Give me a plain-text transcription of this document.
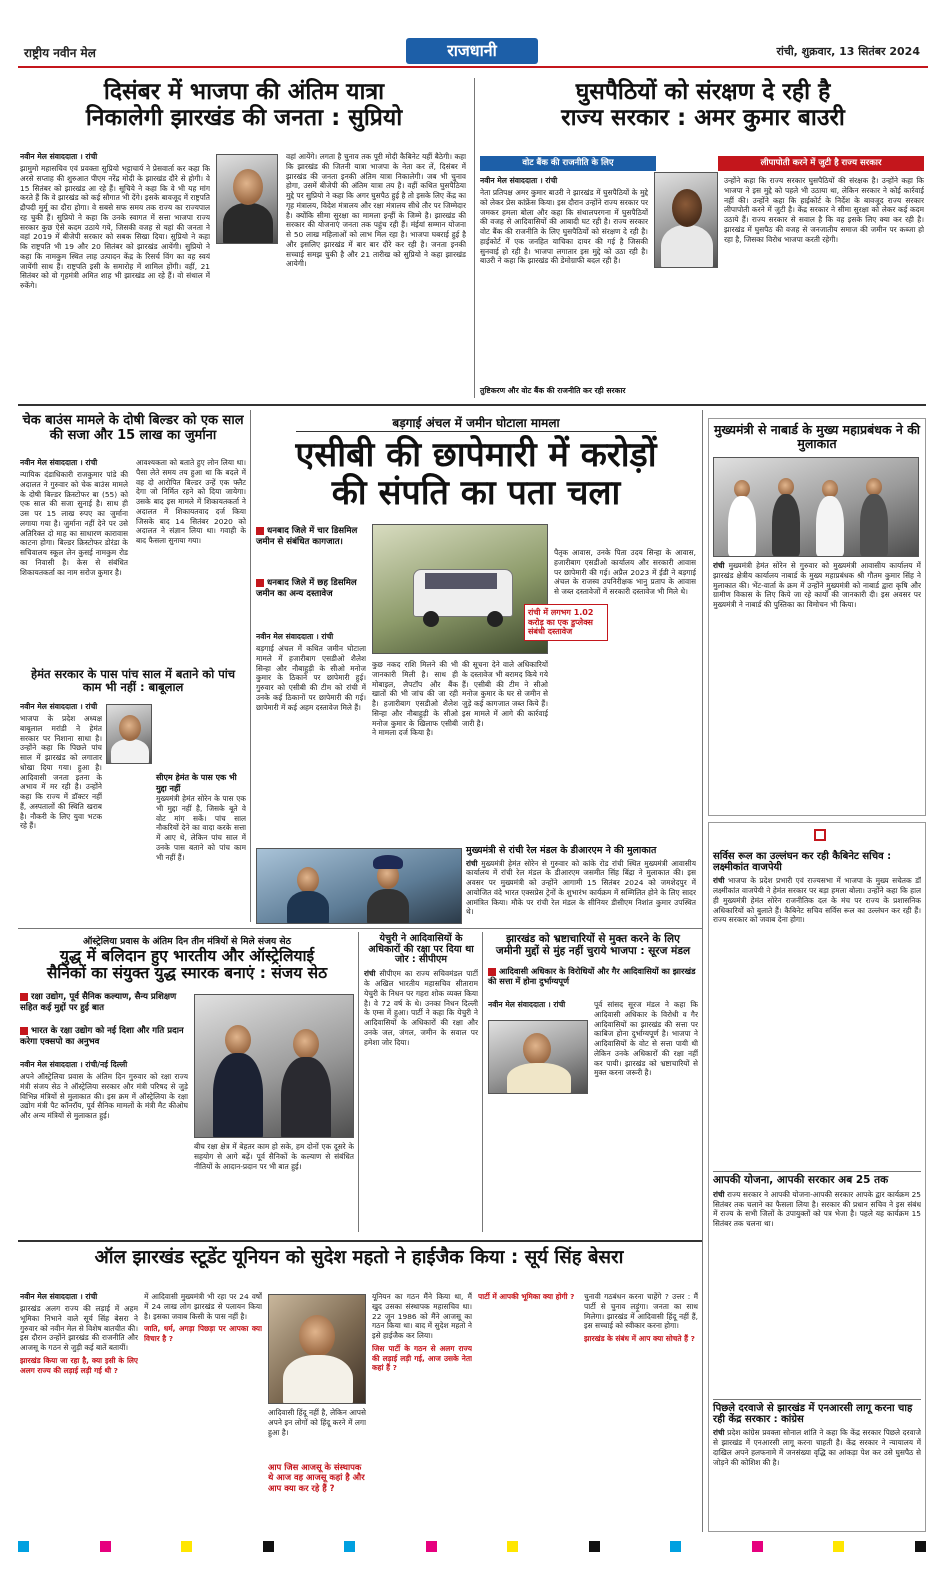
राष्ट्रीय नवीन मेल	राजधानी	रांची, शुक्रवार, 13 सितंबर 2024
दिसंबर में भाजपा की अंतिम यात्रा
निकालेगी झारखंड की जनता : सुप्रियो
नवीन मेल संवाददाता । रांची
झामुमो महासचिव एवं प्रवक्ता सुप्रियो भट्टाचार्य ने प्रेसवार्ता कर कहा कि अरसे सप्ताह की शुरुआत पीएम नरेंद्र मोदी के झारखंड दौरे से होगी। वे 15 सितंबर को झारखंड आ रहे हैं। सूचिये ने कहा कि वे भी यह मांग करते हैं कि वे झारखंड को कई सौगात भी देंगे। इसके बावजूद में राष्ट्रपति द्रौपदी मुर्मू का दौरा होगा। वे सबसे सफ समय तक राज्य का राज्यपाल रह चुकी हैं। सुप्रियो ने कहा कि उनके स्वागत में सत्ता भाजपा राज्य सरकार कुछ ऐसे कदम उठाये गये, जिसकी वजह से यहां की जनता ने वहां 2019 में बीजेपी सरकार को सबक सिखा दिया। सुप्रियो ने कहा कि राष्ट्रपति भी 19 और 20 सितंबर को झारखंड आयेंगी। सुप्रियो ने कहा कि नामकुम स्थित लाह उत्पादन केंद्र के रिसर्च विंग का वह स्वयं जायेंगी साथ हैं। राष्ट्रपति इसी के समारोह में शामिल होंगी। वहीं, 21 सितंबर को वो गृहमंत्री अमित शाह भी झारखंड आ रहे हैं। वो संथाल में रुकेंगे।
वहां आयेंगे। लगता है चुनाव तक पूरी मोदी कैबिनेट यहीं बैठेगी। कहा कि झारखंड की जितनी यात्रा भाजपा के नेता कर लें, दिसंबर में झारखंड की जनता इनकी अंतिम यात्रा निकालेगी। जब भी चुनाव होगा, उसमें बीजेपी की अंतिम यात्रा तय है। वहीं कथित घुसपैठिया मुद्दे पर सुप्रियो ने कहा कि अगर घुसपैठ हुई है तो इसके लिए केंद्र का गृह मंत्रालय, विदेश मंत्रालय और रक्षा मंत्रालय सीधे तौर पर जिम्मेदार है। क्योंकि सीमा सुरक्षा का मामला इन्हीं के जिम्मे है। झारखंड की सरकार की योजनाएं जनता तक पहुंच रही हैं। मंईयां सम्मान योजना से 50 लाख महिलाओं को लाभ मिल रहा है। भाजपा घबराई हुई है और इसलिए झारखंड में बार बार दौरे कर रही है। जनता इनकी सच्चाई समझ चुकी है और 21 तारीख को सुप्रियो ने कहा झारखंड आयेगी।
घुसपैठियों को संरक्षण दे रही है
राज्य सरकार : अमर कुमार बाउरी
वोट बैंक की राजनीति के लिए	लीपापोती करने में जुटी है राज्य सरकार
नवीन मेल संवाददाता । रांची
नेता प्रतिपक्ष अमर कुमार बाउरी ने झारखंड में घुसपैठियों के मुद्दे को लेकर प्रेस कांफ्रेंस किया। इस दौरान उन्होंने राज्य सरकार पर जमकर हमला बोला और कहा कि संथालपरगना में घुसपैठियों की वजह से आदिवासियों की आबादी घट रही है। राज्य सरकार वोट बैंक की राजनीति के लिए घुसपैठियों को संरक्षण दे रही है। हाईकोर्ट में एक जनहित याचिका दायर की गई है जिसकी सुनवाई हो रही है। भाजपा लगातार इस मुद्दे को उठा रही है। बाउरी ने कहा कि झारखंड की डेमोग्राफी बदल रही है।
उन्होंने कहा कि राज्य सरकार घुसपैठियों की संरक्षक है। उन्होंने कहा कि भाजपा ने इस मुद्दे को पहले भी उठाया था, लेकिन सरकार ने कोई कार्रवाई नहीं की। उन्होंने कहा कि हाईकोर्ट के निर्देश के बावजूद राज्य सरकार लीपापोती करने में जुटी है। केंद्र सरकार ने सीमा सुरक्षा को लेकर कई कदम उठाये हैं। राज्य सरकार से सवाल है कि वह इसके लिए क्या कर रही है। झारखंड में घुसपैठ की वजह से जनजातीय समाज की जमीन पर कब्जा हो रहा है, जिसका विरोध भाजपा करती रहेगी।
तुष्टिकरण और वोट बैंक की राजनीति कर रही सरकार
चेक बाउंस मामले के दोषी बिल्डर को एक साल की सजा और 15 लाख का जुर्माना
नवीन मेल संवाददाता । रांची
न्यायिक दंडाधिकारी राजकुमार पांडे की अदालत ने गुरुवार को चेक बाउंस मामले के दोषी बिल्डर क्रिस्टोफर बा (55) को एक साल की सजा सुनाई है। साथ ही उस पर 15 लाख रुपए का जुर्माना लगाया गया है। जुर्माना नहीं देने पर उसे अतिरिक्त दो माह का साधारण कारावास काटना होगा। बिल्डर क्रिस्टोफर डोरंडा के सचिवालय स्कूल लेन कुसई नामकुम रोड का निवासी है। केस से संबंधित शिकायतकर्ता का नाम सरोज कुमार है।
आवश्यकता को बताते हुए लोन लिया था। पैसा लेते समय तय हुआ था कि बदले में वह दो आरोपित बिल्डर उन्हें एक फ्लैट देगा जो निर्मित रहने को दिया जायेगा। उसके बाद इस मामले में शिकायतकर्ता ने अदालत में शिकायतवाद दर्ज किया जिसके बाद 14 सितंबर 2020 को अदालत ने संज्ञान लिया था। गवाही के बाद फैसला सुनाया गया।
हेमंत सरकार के पास पांच साल में बताने को पांच काम भी नहीं : बाबूलाल
नवीन मेल संवाददाता । रांची
भाजपा के प्रदेश अध्यक्ष बाबूलाल मरांडी ने हेमंत सरकार पर निशाना साधा है। उन्होंने कहा कि पिछले पांच साल में झारखंड को लगातार धोखा दिया गया। हुआ है। आदिवासी जनता इतना के अभाव में मर रही है। उन्होंने कहा कि राज्य में डॉक्टर नहीं हैं, अस्पतालों की स्थिति खराब है। नौकरी के लिए युवा भटक रहे हैं।
सीएम हेमंत के पास एक भी मुद्दा नहीं
मुख्यमंत्री हेमंत सोरेन के पास एक भी मुद्दा नहीं है, जिसके बूते वे वोट मांग सकें। पांच साल नौकरियों देने का वादा करके सत्ता में आए थे, लेकिन पांच साल में उनके पास बताने को पांच काम भी नहीं हैं।
बड़गाई अंचल में जमीन घोटाला मामला
एसीबी की छापेमारी में करोड़ों
की संपति का पता चला
धनबाद जिले में चार डिसमिल जमीन से संबंधित कागजात।
धनबाद जिले में छह डिसमिल जमीन का अन्य दस्तावेज
रांची में लगभग 1.02 करोड़ का एक डुप्लेक्स संबंधी दस्तावेज
नवीन मेल संवाददाता । रांची
बड़गाई अंचल में कथित जमीन घोटाला मामले में हजारीबाग एसडीओ शैलेश सिन्हा और नौबाहुड़ी के सीओ मनोज कुमार के ठिकाने पर छापेमारी हुई। गुरुवार को एसीबी की टीम को रांची में उनके कई ठिकानों पर छापेमारी की गई। छापेमारी में कई अहम दस्तावेज मिले हैं।
कुछ नकद राशि मिलने की भी जानकारी मिली है। साथ ही मोबाइल, लैपटॉप और बैंक खातों की भी जांच की जा रही है। हजारीबाग एसडीओ शैलेश सिन्हा और नौबाहुड़ी के सीओ मनोज कुमार के खिलाफ एसीबी ने मामला दर्ज किया है।
की सूचना देने वाले अधिकारियों के दस्तावेज भी बरामद किये गये हैं। एसीबी की टीम ने सीओ मनोज कुमार के घर से जमीन से जुड़े कई कागजात जब्त किये हैं। इस मामले में आगे की कार्रवाई जारी है।
पैतृक आवास, उनके पिता उदय सिन्हा के आवास, हजारीबाग एसडीओ कार्यालय और सरकारी आवास पर छापेमारी की गई। अप्रैल 2023 में ईडी ने बड़गाई अंचल के राजस्व उपनिरीक्षक भानु प्रताप के आवास से जब्त दस्तावेजों में सरकारी दस्तावेज भी मिले थे।
मुख्यमंत्री से रांची रेल मंडल के डीआरएम ने की मुलाकात
रांची मुख्यमंत्री हेमंत सोरेन से गुरुवार को कांके रोड रांची स्थित मुख्यमंत्री आवासीय कार्यालय में रांची रेल मंडल के डीआरएम जसमीत सिंह बिंद्रा ने मुलाकात की। इस अवसर पर मुख्यमंत्री को उन्होंने आगामी 15 सितंबर 2024 को जमशेदपुर में आयोजित वंदे भारत एक्सप्रेस ट्रेनों के शुभारंभ कार्यक्रम में सम्मिलित होने के लिए सादर आमंत्रित किया। मौके पर रांची रेल मंडल के सीनियर डीसीएम निशांत कुमार उपस्थित थे।
मुख्यमंत्री से नाबार्ड के मुख्य महाप्रबंधक ने की मुलाकात
रांची मुख्यमंत्री हेमंत सोरेन से गुरुवार को मुख्यमंत्री आवासीय कार्यालय में झारखंड क्षेत्रीय कार्यालय नाबार्ड के मुख्य महाप्रबंधक श्री गौतम कुमार सिंह ने मुलाकात की। भेंट-वार्ता के क्रम में उन्होंने मुख्यमंत्री को नाबार्ड द्वारा कृषि और ग्रामीण विकास के लिए किये जा रहे कार्यों की जानकारी दी। इस अवसर पर मुख्यमंत्री ने नाबार्ड की पुस्तिका का विमोचन भी किया।
सर्विस रूल का उल्लंघन कर रही कैबिनेट सचिव : लक्ष्मीकांत वाजपेयी
रांची भाजपा के प्रदेश प्रभारी एवं राज्यसभा में भाजपा के मुख्य सचेतक डॉ लक्ष्मीकांत वाजपेयी ने हेमंत सरकार पर बड़ा हमला बोला। उन्होंने कहा कि हाल ही मुख्यमंत्री हेमंत सोरेन राजनीतिक दल के मंच पर राज्य के प्रशासनिक अधिकारियों को बुलाते हैं। कैबिनेट सचिव सर्विस रूल का उल्लंघन कर रही हैं। राज्य सरकार को जवाब देना होगा।
आपकी योजना, आपकी सरकार अब 25 तक
रांची राज्य सरकार ने आपकी योजना-आपकी सरकार आपके द्वार कार्यक्रम 25 सितंबर तक चलाने का फैसला लिया है। सरकार की प्रधान सचिव ने इस संबंध में राज्य के सभी जिलों के उपायुक्तों को पत्र भेजा है। पहले यह कार्यक्रम 15 सितंबर तक चलना था।
पिछले दरवाजे से झारखंड में एनआरसी लागू करना चाह रही केंद्र सरकार : कांग्रेस
रांची प्रदेश कांग्रेस प्रवक्ता सोनाल शांति ने कहा कि केंद्र सरकार पिछले दरवाजे से झारखंड में एनआरसी लागू करना चाहती है। केंद्र सरकार ने न्यायालय में दाखिल अपने हलफनामे में जनसंख्या वृद्धि का आंकड़ा पेश कर उसे घुसपैठ से जोड़ने की कोशिश की है।
ऑस्ट्रेलिया प्रवास के अंतिम दिन तीन मंत्रियों से मिले संजय सेठ
युद्ध में बलिदान हुए भारतीय और ऑस्ट्रेलियाई
सैनिकों का संयुक्त युद्ध स्मारक बनाएं : संजय सेठ
रक्षा उद्योग, पूर्व सैनिक कल्याण, सैन्य प्रशिक्षण सहित कई मुद्दों पर हुई बात
भारत के रक्षा उद्योग को नई दिशा और गति प्रदान करेगा एक्सपो का अनुभव
नवीन मेल संवाददाता । रांची/नई दिल्ली
अपने ऑस्ट्रेलिया प्रवास के अंतिम दिन गुरुवार को रक्षा राज्य मंत्री संजय सेठ ने ऑस्ट्रेलिया सरकार और मंत्री परिषद से जुड़े विभिन्न मंत्रियों से मुलाकात की। इस क्रम में ऑस्ट्रेलिया के रक्षा उद्योग मंत्री पैट कॉनरॉय, पूर्व सैनिक मामलों के मंत्री मैट कीओघ और अन्य मंत्रियों से मुलाकात हुई।
बीच रक्षा क्षेत्र में बेहतर काम हो सके, हम दोनों एक दूसरे के सहयोग से आगे बढ़ें। पूर्व सैनिकों के कल्याण से संबंधित नीतियों के आदान-प्रदान पर भी बात हुई।
येचुरी ने आदिवासियों के अधिकारों की रक्षा पर दिया था जोर : सीपीएम
रांची सीपीएम का राज्य सचिवमंडल पार्टी के अखिल भारतीय महासचिव सीताराम येचुरी के निधन पर गहरा शोक व्यक्त किया है। वे 72 वर्ष के थे। उनका निधन दिल्ली के एम्स में हुआ। पार्टी ने कहा कि येचुरी ने आदिवासियों के अधिकारों की रक्षा और उनके जल, जंगल, जमीन के सवाल पर हमेशा जोर दिया।
झारखंड को भ्रष्टाचारियों से मुक्त करने के लिए
जमीनी मुद्दों से मुंह नहीं चुराये भाजपा : सूरज मंडल
आदिवासी अधिकार के विरोधियों और गैर आदिवासियों का झारखंड की सत्ता में होना दुर्भाग्यपूर्ण
नवीन मेल संवाददाता । रांची	पूर्व सांसद सूरज मंडल ने कहा कि आदिवासी अधिकार के विरोधी व गैर आदिवासियों का झारखंड की सत्ता पर काबिज होना दुर्भाग्यपूर्ण है। भाजपा ने आदिवासियों के वोट से सत्ता पायी थी लेकिन उनके अधिकारों की रक्षा नहीं कर पायी। झारखंड को भ्रष्टाचारियों से मुक्त करना जरूरी है।
ऑल झारखंड स्टूडेंट यूनियन को सुदेश महतो ने हाईजैक किया : सूर्य सिंह बेसरा
नवीन मेल संवाददाता । रांची
झारखंड अलग राज्य की लड़ाई में अहम भूमिका निभाने वाले सूर्य सिंह बेसरा ने गुरुवार को नवीन मेल से विशेष बातचीत की। इस दौरान उन्होंने झारखंड की राजनीति और आजसू के गठन से जुड़ी कई बातें बतायीं।

झारखंड किया जा रहा है, क्या इसी के लिए अलग राज्य की लड़ाई लड़ी गई थी ?

में आदिवासी मुख्यमंत्री भी रहा पर 24 वर्षों में 24 लाख लोग झारखंड से पलायन किया है। इसका जवाब किसी के पास नहीं है।

जाति, धर्म, अगड़ा पिछड़ा पर आपका क्या विचार है ?

आदिवासी हिंदू नहीं है, लेकिन आपसे अपने इन लोगों को हिंदू करने में लगा हुआ है।
आप जिस आजसू के संस्थापक थे आज वह आजसू कहां है और आप क्या कर रहे हैं ?
यूनियन का गठन मैंने किया था, मैं खुद उसका संस्थापक महासचिव था। 22 जून 1986 को मैंने आजसू का गठन किया था। बाद में सुदेश महतो ने इसे हाईजैक कर लिया।

जिस पार्टी के गठन से अलग राज्य की लड़ाई लड़ी गई, आज उसके नेता कहां हैं ?

पार्टी में आपकी भूमिका क्या होगी ?	चुनावी गठबंधन करना चाहेंगे ? उत्तर : मैं पार्टी से चुनाव लड़ूंगा। जनता का साथ मिलेगा। झारखंड में आदिवासी हिंदू नहीं हैं, इस सच्चाई को स्वीकार करना होगा।

झारखंड के संबंध में आप क्या सोचते हैं ?
